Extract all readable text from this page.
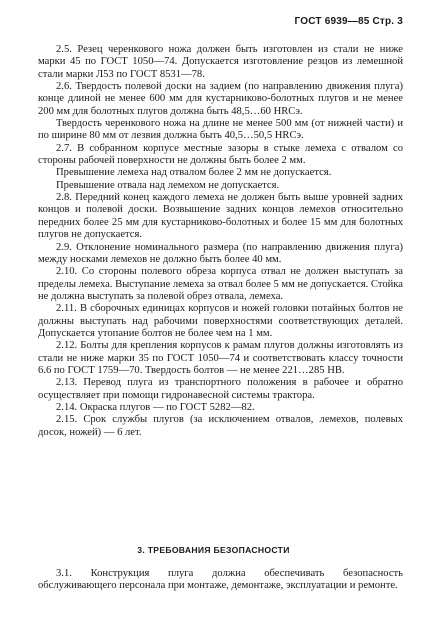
ГОСТ 6939—85 Стр. 3

2.5. Резец черенкового ножа должен быть изготовлен из стали не ниже марки 45 по ГОСТ 1050—74. Допускается изготовление резцов из лемешной стали марки Л53 по ГОСТ 8531—78.

2.6. Твердость полевой доски на задием (по направлению движения плуга) конце длиной не менее 600 мм для кустарниково-болотных плугов и не менее 200 мм для болотных плугов должна быть 48,5…60 HRCэ.

Твердость черенкового ножа на длине не менее 500 мм (от нижней части) и по ширине 80 мм от лезвия должна быть 40,5…50,5 HRCэ.

2.7. В собранном корпусе местные зазоры в стыке лемеха с отвалом со стороны рабочей поверхности не должны быть более 2 мм.

Превышение лемеха над отвалом более 2 мм не допускается.

Превышение отвала над лемехом не допускается.

2.8. Передний конец каждого лемеха не должен быть выше уровней задних концов и полевой доски. Возвышение задних концов лемехов относительно передних более 25 мм для кустарниково-болотных и более 15 мм для болотных плугов не допускается.

2.9. Отклонение номинального размера (по направлению движения плуга) между носками лемехов не должно быть более 40 мм.

2.10. Со стороны полевого обреза корпуса отвал не должен выступать за пределы лемеха. Выступание лемеха за отвал более 5 мм не допускается. Стойка не должна выступать за полевой обрез отвала, лемеха.

2.11. В сборочных единицах корпусов и ножей головки потайных болтов не должны выступать над рабочими поверхностями соответствующих деталей. Допускается утопание болтов не более чем на 1 мм.

2.12. Болты для крепления корпусов к рамам плугов должны изготовлять из стали не ниже марки 35 по ГОСТ 1050—74 и соответствовать классу точности 6.6 по ГОСТ 1759—70. Твердость болтов — не менее 221…285 НВ.

2.13. Перевод плуга из транспортного положения в рабочее и обратно осуществляет при помощи гидронавесной системы трактора.

2.14. Окраска плугов — по ГОСТ 5282—82.

2.15. Срок службы плугов (за исключением отвалов, лемехов, полевых досок, ножей) — 6 лет.

3. ТРЕБОВАНИЯ БЕЗОПАСНОСТИ

3.1. Конструкция плуга должна обеспечивать безопасность обслуживающего персонала при монтаже, демонтаже, эксплуатации и ремонте.
